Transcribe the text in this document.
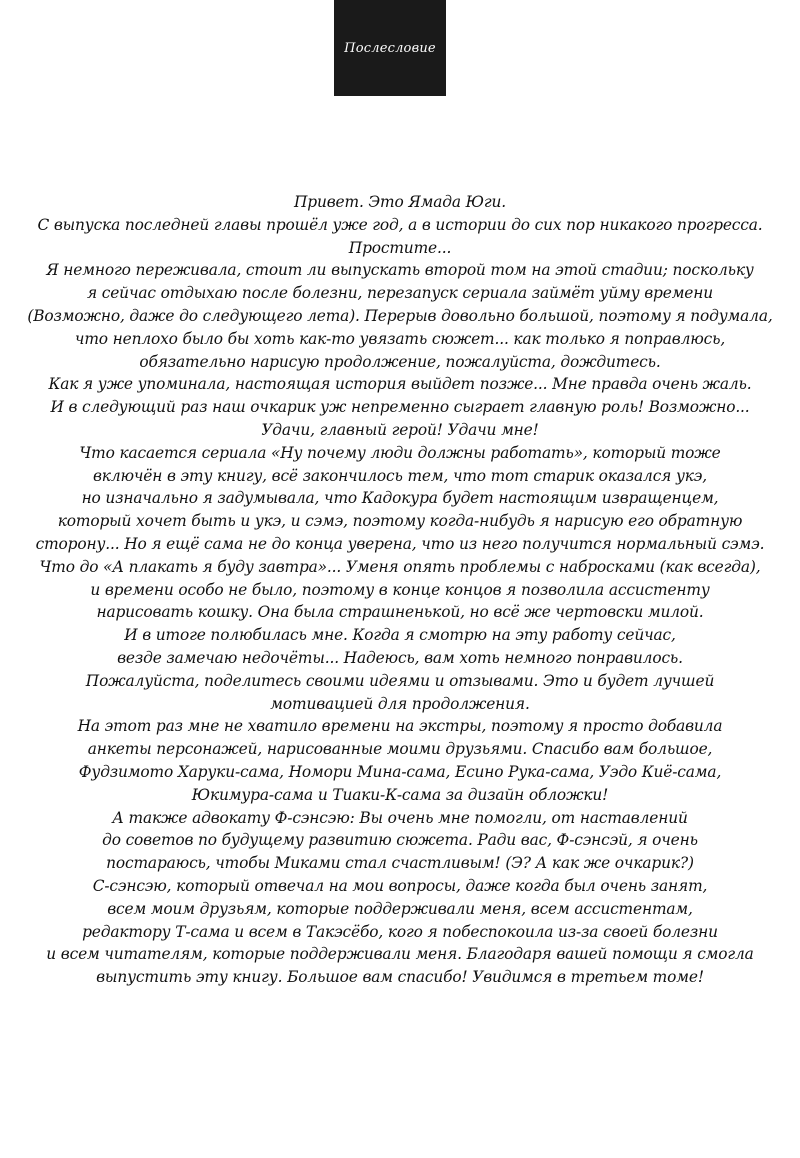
Послесловие
Привет. Это Ямада Юги.
С выпуска последней главы прошёл уже год, а в истории до сих пор никакого прогресса.
Простите...
Я немного переживала, стоит ли выпускать второй том на этой стадии; поскольку
я сейчас отдыхаю после болезни, перезапуск сериала займёт уйму времени
(Возможно, даже до следующего лета). Перерыв довольно большой, поэтому я подумала,
что неплохо было бы хоть как-то увязать сюжет... как только я поправлюсь,
обязательно нарисую продолжение, пожалуйста, дождитесь.
Как я уже упоминала, настоящая история выйдет позже... Мне правда очень жаль.
И в следующий раз наш очкарик уж непременно сыграет главную роль! Возможно...
Удачи, главный герой! Удачи мне!
Что касается сериала «Ну почему люди должны работать», который тоже
включён в эту книгу, всё закончилось тем, что тот старик оказался укэ,
но изначально я задумывала, что Кадокура будет настоящим извращенцем,
который хочет быть и укэ, и сэмэ, поэтому когда-нибудь я нарисую его обратную
сторону... Но я ещё сама не до конца уверена, что из него получится нормальный сэмэ.
Что до «А плакать я буду завтра»... Уменя опять проблемы с набросками (как всегда),
и времени особо не было, поэтому в конце концов я позволила ассистенту
нарисовать кошку. Она была страшненькой, но всё же чертовски милой.
И в итоге полюбилась мне. Когда я смотрю на эту работу сейчас,
везде замечаю недочёты... Надеюсь, вам хоть немного понравилось.
Пожалуйста, поделитесь своими идеями и отзывами. Это и будет лучшей
мотивацией для продолжения.
На этот раз мне не хватило времени на экстры, поэтому я просто добавила
анкеты персонажей, нарисованные моими друзьями. Спасибо вам большое,
Фудзимото Харуки-сама, Номори Мина-сама, Есино Рука-сама, Уэдо Киё-сама,
Юкимура-сама и Тиаки-К-сама за дизайн обложки!
А также адвокату Ф-сэнсэю: Вы очень мне помогли, от наставлений
до советов по будущему развитию сюжета. Ради вас, Ф-сэнсэй, я очень
постараюсь, чтобы Миками стал счастливым! (Э? А как же очкарик?)
С-сэнсэю, который отвечал на мои вопросы, даже когда был очень занят,
всем моим друзьям, которые поддерживали меня, всем ассистентам,
редактору Т-сама и всем в Такэсёбо, кого я побеспокоила из-за своей болезни
и всем читателям, которые поддерживали меня. Благодаря вашей помощи я смогла
выпустить эту книгу. Большое вам спасибо! Увидимся в третьем томе!
